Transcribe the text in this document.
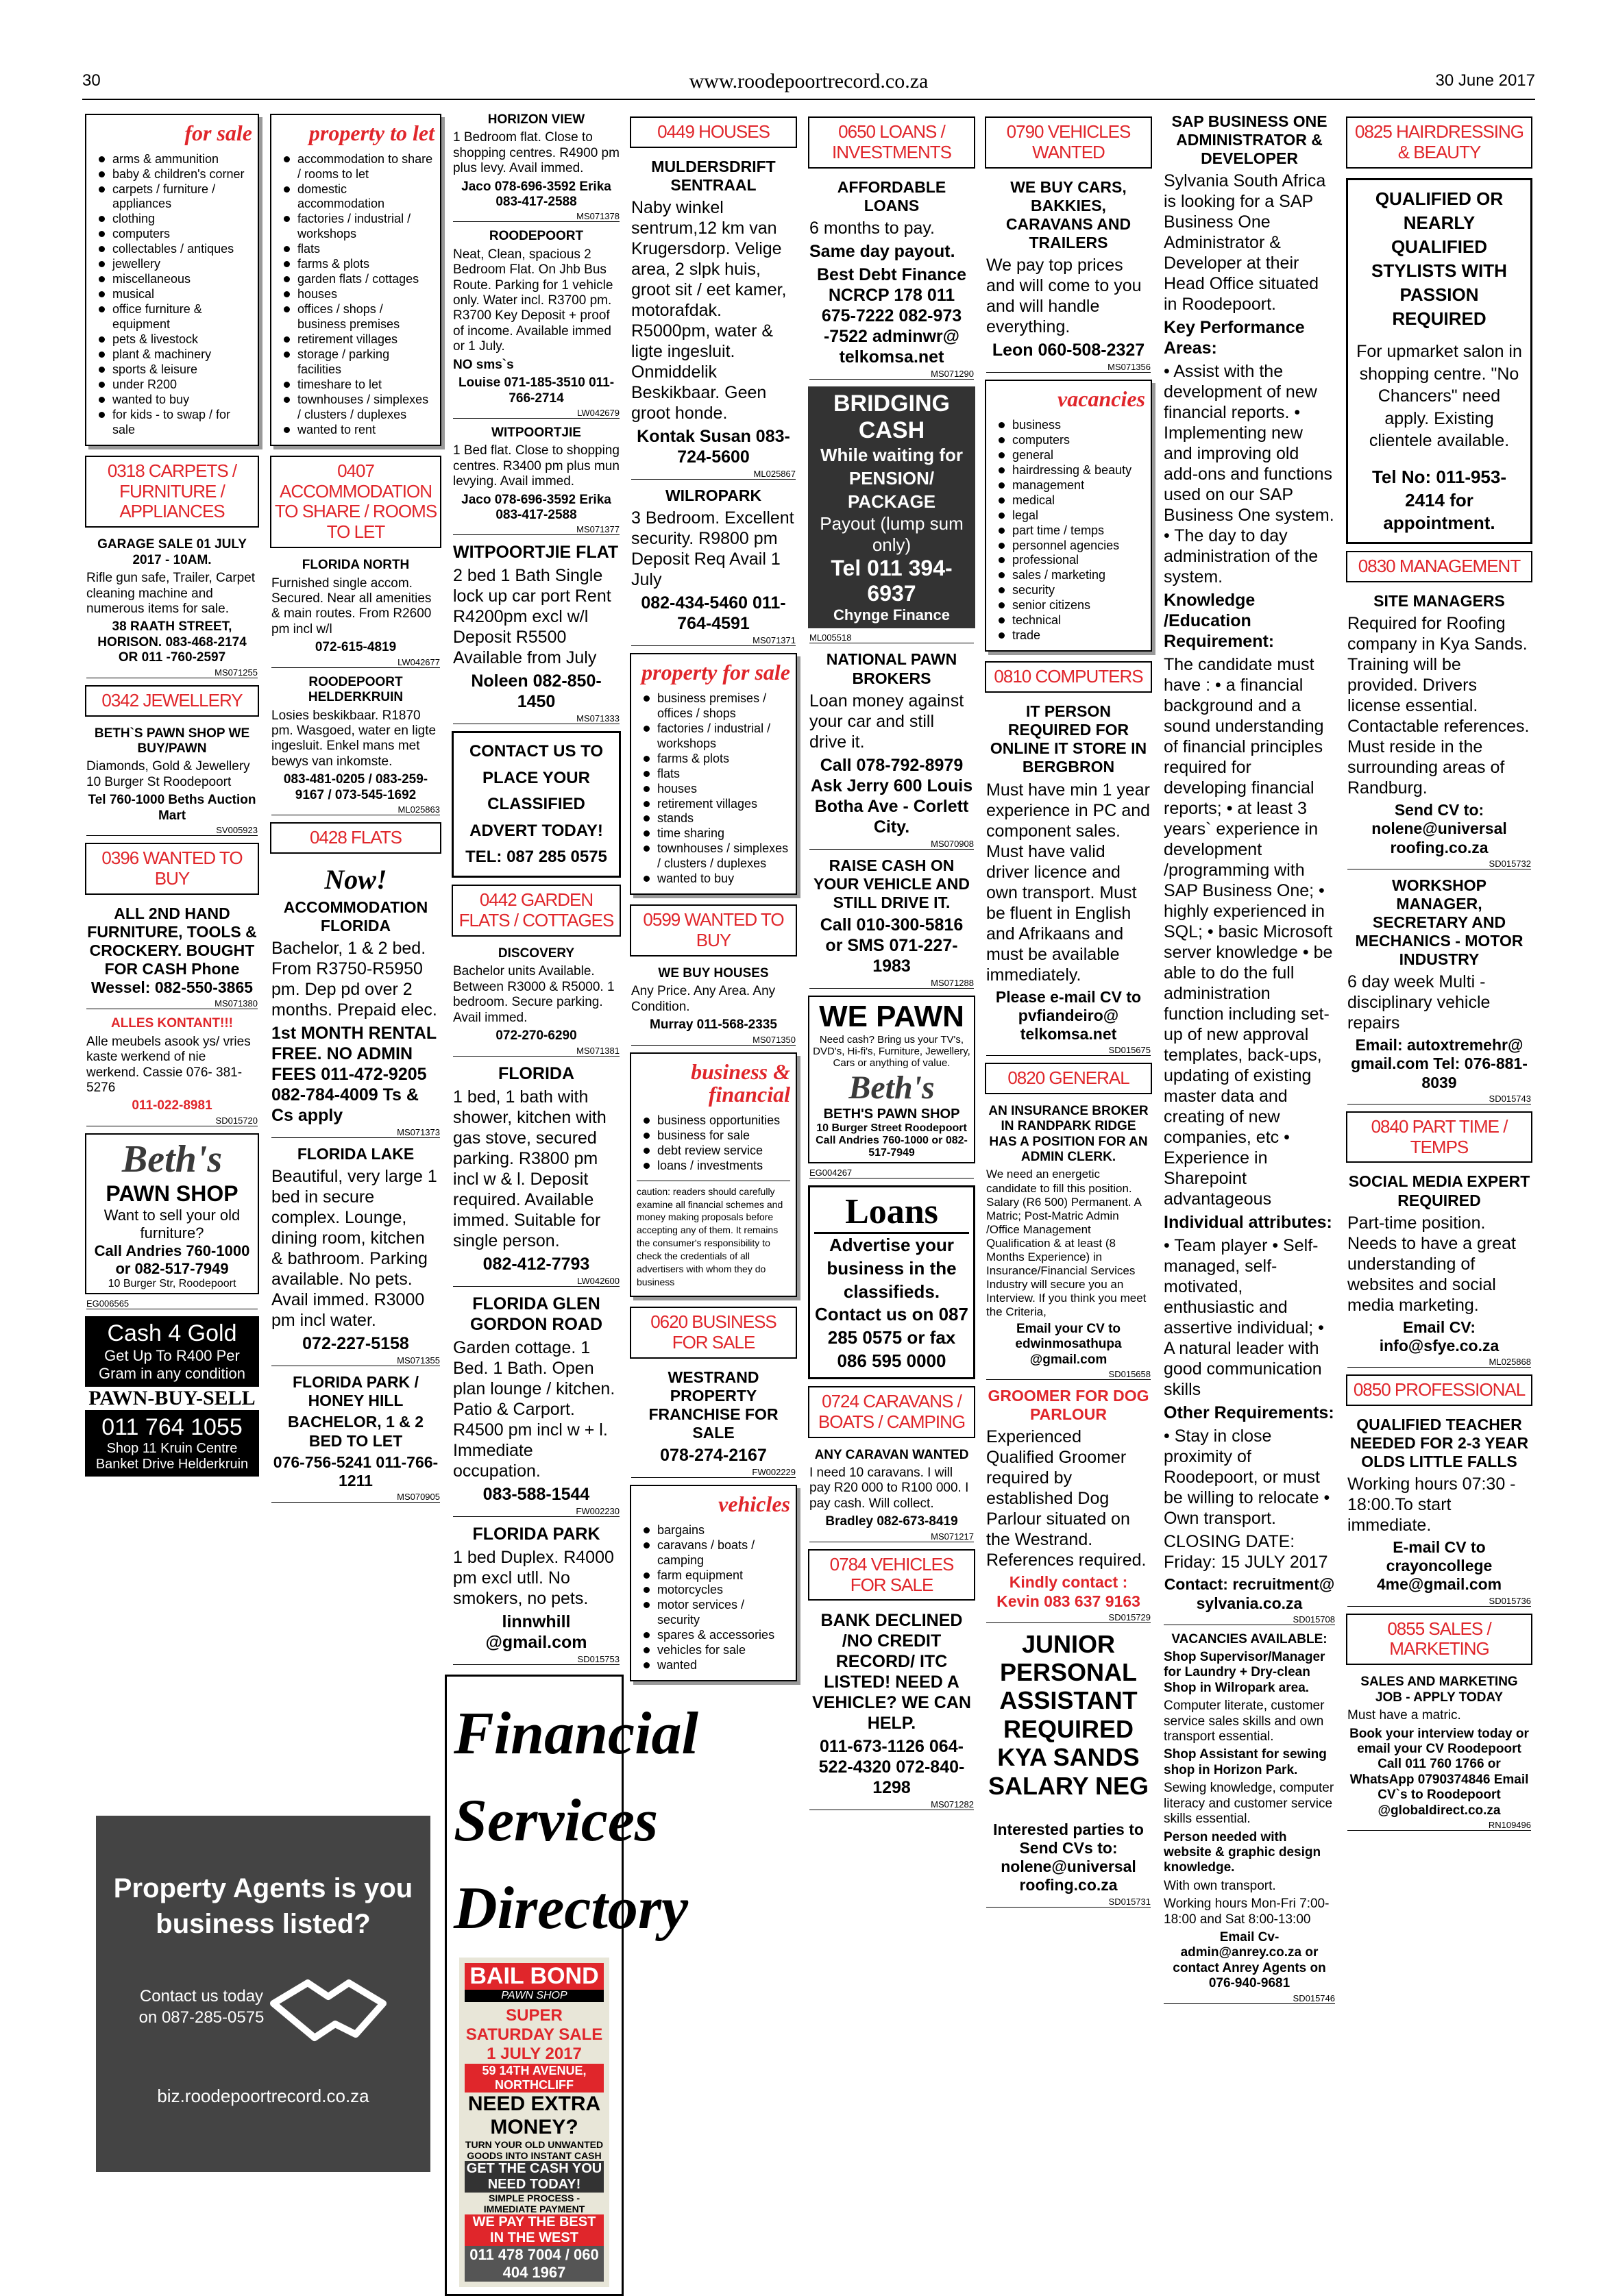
30	www.roodepoortrecord.co.za	30 June 2017
for sale
arms & ammunition
baby & children's corner
carpets / furniture / appliances
clothing
computers
collectables / antiques
jewellery
miscellaneous
musical
office furniture & equipment
pets & livestock
plant & machinery
sports & leisure
under R200
wanted to buy
for kids - to swap / for sale
0318 CARPETS / FURNITURE / APPLIANCES
GARAGE SALE 01 JULY 2017 - 10AM.
Rifle gun safe, Trailer, Carpet cleaning machine and numerous items for sale.
38 RAATH STREET, HORISON. 083-468-2174 OR 011 -760-2597
MS071255
0342 JEWELLERY
BETH`S PAWN SHOP WE BUY/PAWN
Diamonds, Gold & Jewellery 10 Burger St Roodepoort
Tel 760-1000 Beths Auction Mart
SV005923
0396 WANTED TO BUY
ALL 2ND HAND FURNITURE, TOOLS & CROCKERY. BOUGHT FOR CASH Phone Wessel: 082-550-3865
MS071380
ALLES KONTANT!!!
Alle meubels asook ys/ vries kaste werkend of nie werkend. Cassie 076- 381-5276
011-022-8981
SD015720
Beth's
PAWN SHOP
Want to sell your old furniture?
Call Andries 760-1000 or 082-517-7949
10 Burger Str, Roodepoort
EG006565
Cash 4 Gold
Get Up To R400 Per Gram in any condition
PAWN-BUY-SELL
011 764 1055
Shop 11 Kruin Centre Banket Drive Helderkruin
Property Agents is you business listed?
Contact us today on 087-285-0575
biz.roodepoortrecord.co.za
property to let
accommodation to share / rooms to let
domestic accommodation
factories / industrial / workshops
flats
farms & plots
garden flats / cottages
houses
offices / shops / business premises
retirement villages
storage / parking facilities
timeshare to let
townhouses / simplexes / clusters / duplexes
wanted to rent
0407 ACCOMMODATION TO SHARE / ROOMS TO LET
FLORIDA NORTH
Furnished single accom. Secured. Near all amenities & main routes. From R2600 pm incl w/l
072-615-4819
LW042677
ROODEPOORT HELDERKRUIN
Losies beskikbaar. R1870 pm. Wasgoed, water en ligte ingesluit. Enkel mans met bewys van inkomste.
083-481-0205 / 083-259-9167 / 073-545-1692
ML025863
0428 FLATS
Now!
ACCOMMODATION FLORIDA
Bachelor, 1 & 2 bed. From R3750-R5950 pm. Dep pd over 2 months. Prepaid elec.
1st MONTH RENTAL FREE. NO ADMIN FEES 011-472-9205 082-784-4009 Ts & Cs apply
MS071373
FLORIDA LAKE
Beautiful, very large 1 bed in secure complex. Lounge, dining room, kitchen & bathroom. Parking available. No pets. Avail immed. R3000 pm incl water.
072-227-5158
MS071355
FLORIDA PARK / HONEY HILL
BACHELOR, 1 & 2 BED TO LET
076-756-5241 011-766-1211
MS070905
HORIZON VIEW
1 Bedroom flat. Close to shopping centres. R4900 pm plus levy. Avail immed.
Jaco 078-696-3592 Erika 083-417-2588
MS071378
ROODEPOORT
Neat, Clean, spacious 2 Bedroom Flat. On Jhb Bus Route. Parking for 1 vehicle only. Water incl. R3700 pm. R3700 Key Deposit + proof of income. Available immed or 1 July.
NO sms`s
Louise 071-185-3510 011-766-2714
LW042679
WITPOORTJIE
1 Bed flat. Close to shopping centres. R3400 pm plus mun levying. Avail immed.
Jaco 078-696-3592 Erika 083-417-2588
MS071377
WITPOORTJIE FLAT
2 bed 1 Bath Single lock up car port Rent R4200pm excl w/l Deposit R5500 Available from July
Noleen 082-850-1450
MS071333
CONTACT US TO PLACE YOUR CLASSIFIED ADVERT TODAY! TEL: 087 285 0575
0442 GARDEN FLATS / COTTAGES
DISCOVERY
Bachelor units Available. Between R3000 & R5000. 1 bedroom. Secure parking. Avail immed.
072-270-6290
MS071381
FLORIDA
1 bed, 1 bath with shower, kitchen with gas stove, secured parking. R3800 pm incl w & l. Deposit required. Available immed. Suitable for single person.
082-412-7793
LW042600
FLORIDA GLEN GORDON ROAD
Garden cottage. 1 Bed. 1 Bath. Open plan lounge / kitchen. Patio & Carport. R4500 pm incl w + l. Immediate occupation.
083-588-1544
FW002230
FLORIDA PARK
1 bed Duplex. R4000 pm excl utll. No smokers, no pets.
linnwhill @gmail.com
SD015753
Financial Services Directory
BAIL BOND
PAWN SHOP
SUPER SATURDAY SALE 1 JULY 2017
59 14TH AVENUE, NORTHCLIFF
NEED EXTRA MONEY?
TURN YOUR OLD UNWANTED GOODS INTO INSTANT CASH
GET THE CASH YOU NEED TODAY!
SIMPLE PROCESS - IMMEDIATE PAYMENT
WE PAY THE BEST IN THE WEST
011 478 7004 / 060 404 1967
0449 HOUSES
MULDERSDRIFT SENTRAAL
Naby winkel sentrum,12 km van Krugersdorp. Velige area, 2 slpk huis, groot sit / eet kamer, motorafdak. R5000pm, water & ligte ingesluit. Onmiddelik Beskikbaar. Geen groot honde.
Kontak Susan 083-724-5600
ML025867
WILROPARK
3 Bedroom. Excellent security. R9800 pm Deposit Req Avail 1 July
082-434-5460 011-764-4591
MS071371
property for sale
business premises / offices / shops
factories / industrial / workshops
farms & plots
flats
houses
retirement villages
stands
time sharing
townhouses / simplexes / clusters / duplexes
wanted to buy
0599 WANTED TO BUY
WE BUY HOUSES
Any Price. Any Area. Any Condition.
Murray 011-568-2335
MS071350
business & financial
business opportunities
business for sale
debt review service
loans / investments
caution: readers should carefully examine all financial schemes and money making proposals before accepting any of them. It remains the consumer's responsibility to check the credentials of all advertisers with whom they do business
0620 BUSINESS FOR SALE
WESTRAND PROPERTY FRANCHISE FOR SALE
078-274-2167
FW002229
vehicles
bargains
caravans / boats / camping
farm equipment
motorcycles
motor services / security
spares & accessories
vehicles for sale
wanted
0650 LOANS / INVESTMENTS
AFFORDABLE LOANS
6 months to pay.
Same day payout.
Best Debt Finance NCRCP 178 011 675-7222 082-973 -7522 adminwr@ telkomsa.net
MS071290
BRIDGING CASH
While waiting for PENSION/ PACKAGE
Payout (lump sum only)
Tel 011 394-6937
Chynge Finance
ML005518
NATIONAL PAWN BROKERS
Loan money against your car and still drive it.
Call 078-792-8979 Ask Jerry 600 Louis Botha Ave - Corlett City.
MS070908
RAISE CASH ON YOUR VEHICLE AND STILL DRIVE IT.
Call 010-300-5816 or SMS 071-227-1983
MS071288
WE PAWN
Need cash? Bring us your TV's, DVD's, Hi-fi's, Furniture, Jewellery, Cars or anything of value.
Beth's
BETH'S PAWN SHOP
10 Burger Street Roodepoort
Call Andries 760-1000 or 082-517-7949
EG004267
Loans
Advertise your business in the classifieds. Contact us on 087 285 0575 or fax 086 595 0000
0724 CARAVANS / BOATS / CAMPING
ANY CARAVAN WANTED
I need 10 caravans. I will pay R20 000 to R100 000. I pay cash. Will collect.
Bradley 082-673-8419
MS071217
0784 VEHICLES FOR SALE
BANK DECLINED /NO CREDIT RECORD/ ITC LISTED! NEED A VEHICLE? WE CAN HELP.
011-673-1126 064-522-4320 072-840-1298
MS071282
0790 VEHICLES WANTED
WE BUY CARS, BAKKIES, CARAVANS AND TRAILERS
We pay top prices and will come to you and will handle everything.
Leon 060-508-2327
MS071356
vacancies
business
computers
general
hairdressing & beauty
management
medical
legal
part time / temps
personnel agencies
professional
sales / marketing
security
senior citizens
technical
trade
0810 COMPUTERS
IT PERSON REQUIRED FOR ONLINE IT STORE IN BERGBRON
Must have min 1 year experience in PC and component sales. Must have valid driver licence and own transport. Must be fluent in English and Afrikaans and must be available immediately.
Please e-mail CV to pvfiandeiro@ telkomsa.net
SD015675
0820 GENERAL
AN INSURANCE BROKER IN RANDPARK RIDGE HAS A POSITION FOR AN ADMIN CLERK.
We need an energetic candidate to fill this position. Salary (R6 500) Permanent. A Matric; Post-Matric Admin /Office Management Qualification & at least (8 Months Experience) in Insurance/Financial Services Industry will secure you an Interview. If you think you meet the Criteria,
Email your CV to edwinmosathupa @gmail.com
SD015658
GROOMER FOR DOG PARLOUR
Experienced Qualified Groomer required by established Dog Parlour situated on the Westrand. References required.
Kindly contact : Kevin 083 637 9163
SD015729
JUNIOR PERSONAL ASSISTANT REQUIRED KYA SANDS SALARY NEG
Interested parties to Send CVs to: nolene@universal roofing.co.za
SD015731
SAP BUSINESS ONE ADMINISTRATOR & DEVELOPER
Sylvania South Africa is looking for a SAP Business One Administrator & Developer at their Head Office situated in Roodepoort.
Key Performance Areas:
• Assist with the development of new financial reports. • Implementing new and improving old add-ons and functions used on our SAP Business One system. • The day to day administration of the system.
Knowledge /Education Requirement:
The candidate must have : • a financial background and a sound understanding of financial principles required for developing financial reports; • at least 3 years` experience in development /programming with SAP Business One; • highly experienced in SQL; • basic Microsoft server knowledge • be able to do the full administration function including set-up of new approval templates, back-ups, updating of existing master data and creating of new companies, etc • Experience in Sharepoint advantageous
Individual attributes:
• Team player • Self-managed, self-motivated, enthusiastic and assertive individual; • A natural leader with good communication skills
Other Requirements:
• Stay in close proximity of Roodepoort, or must be willing to relocate • Own transport.
CLOSING DATE: Friday: 15 JULY 2017
Contact: recruitment@ sylvania.co.za
SD015708
VACANCIES AVAILABLE:
Shop Supervisor/Manager for Laundry + Dry-clean Shop in Wilropark area.
Computer literate, customer service sales skills and own transport essential.
Shop Assistant for sewing shop in Horizon Park.
Sewing knowledge, computer literacy and customer service skills essential.
Person needed with website & graphic design knowledge.
With own transport.
Working hours Mon-Fri 7:00-18:00 and Sat 8:00-13:00
Email Cv- admin@anrey.co.za or contact Anrey Agents on 076-940-9681
SD015746
0825 HAIRDRESSING & BEAUTY
QUALIFIED OR NEARLY QUALIFIED STYLISTS WITH PASSION REQUIRED
For upmarket salon in shopping centre. "No Chancers" need apply. Existing clientele available.
Tel No: 011-953-2414 for appointment.
0830 MANAGEMENT
SITE MANAGERS
Required for Roofing company in Kya Sands. Training will be provided. Drivers license essential. Contactable references. Must reside in the surrounding areas of Randburg.
Send CV to: nolene@universal roofing.co.za
SD015732
WORKSHOP MANAGER, SECRETARY AND MECHANICS - MOTOR INDUSTRY
6 day week Multi - disciplinary vehicle repairs
Email: autoxtremehr@ gmail.com Tel: 076-881-8039
SD015743
0840 PART TIME / TEMPS
SOCIAL MEDIA EXPERT REQUIRED
Part-time position. Needs to have a great understanding of websites and social media marketing.
Email CV: info@sfye.co.za
ML025868
0850 PROFESSIONAL
QUALIFIED TEACHER NEEDED FOR 2-3 YEAR OLDS LITTLE FALLS
Working hours 07:30 - 18:00.To start immediate.
E-mail CV to crayoncollege 4me@gmail.com
SD015736
0855 SALES / MARKETING
SALES AND MARKETING JOB - APPLY TODAY
Must have a matric.
Book your interview today or email your CV Roodepoort Call 011 760 1766 or WhatsApp 0790374846 Email CV`s to Roodepoort @globaldirect.co.za
RN109496
